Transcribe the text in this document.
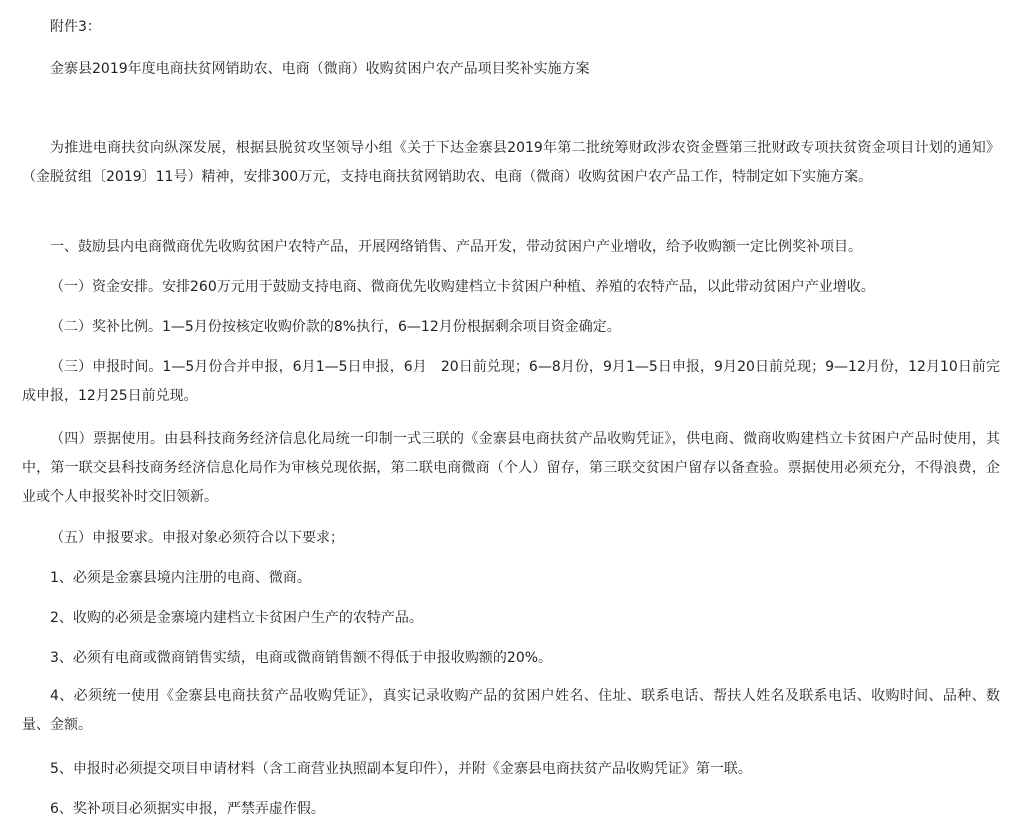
附件3：
金寨县2019年度电商扶贫网销助农、电商（微商）收购贫困户农产品项目奖补实施方案
为推进电商扶贫向纵深发展，根据县脱贫攻坚领导小组《关于下达金寨县2019年第二批统筹财政涉农资金暨第三批财政专项扶贫资金项目计划的通知》（金脱贫组〔2019〕11号）精神，安排300万元，支持电商扶贫网销助农、电商（微商）收购贫困户农产品工作，特制定如下实施方案。
一、鼓励县内电商微商优先收购贫困户农特产品，开展网络销售、产品开发，带动贫困户产业增收，给予收购额一定比例奖补项目。
（一）资金安排。安排260万元用于鼓励支持电商、微商优先收购建档立卡贫困户种植、养殖的农特产品，以此带动贫困户产业增收。
（二）奖补比例。1—5月份按核定收购价款的8%执行，6—12月份根据剩余项目资金确定。
（三）申报时间。1—5月份合并申报，6月1—5日申报，6月　20日前兑现；6—8月份，9月1—5日申报，9月20日前兑现；9—12月份，12月10日前完成申报，12月25日前兑现。
（四）票据使用。由县科技商务经济信息化局统一印制一式三联的《金寨县电商扶贫产品收购凭证》，供电商、微商收购建档立卡贫困户产品时使用，其中，第一联交县科技商务经济信息化局作为审核兑现依据，第二联电商微商（个人）留存，第三联交贫困户留存以备查验。票据使用必须充分，不得浪费，企业或个人申报奖补时交旧领新。
（五）申报要求。申报对象必须符合以下要求；
1、必须是金寨县境内注册的电商、微商。
2、收购的必须是金寨境内建档立卡贫困户生产的农特产品。
3、必须有电商或微商销售实绩，电商或微商销售额不得低于申报收购额的20%。
4、必须统一使用《金寨县电商扶贫产品收购凭证》，真实记录收购产品的贫困户姓名、住址、联系电话、帮扶人姓名及联系电话、收购时间、品种、数量、金额。
5、申报时必须提交项目申请材料（含工商营业执照副本复印件），并附《金寨县电商扶贫产品收购凭证》第一联。
6、奖补项目必须据实申报，严禁弄虚作假。
